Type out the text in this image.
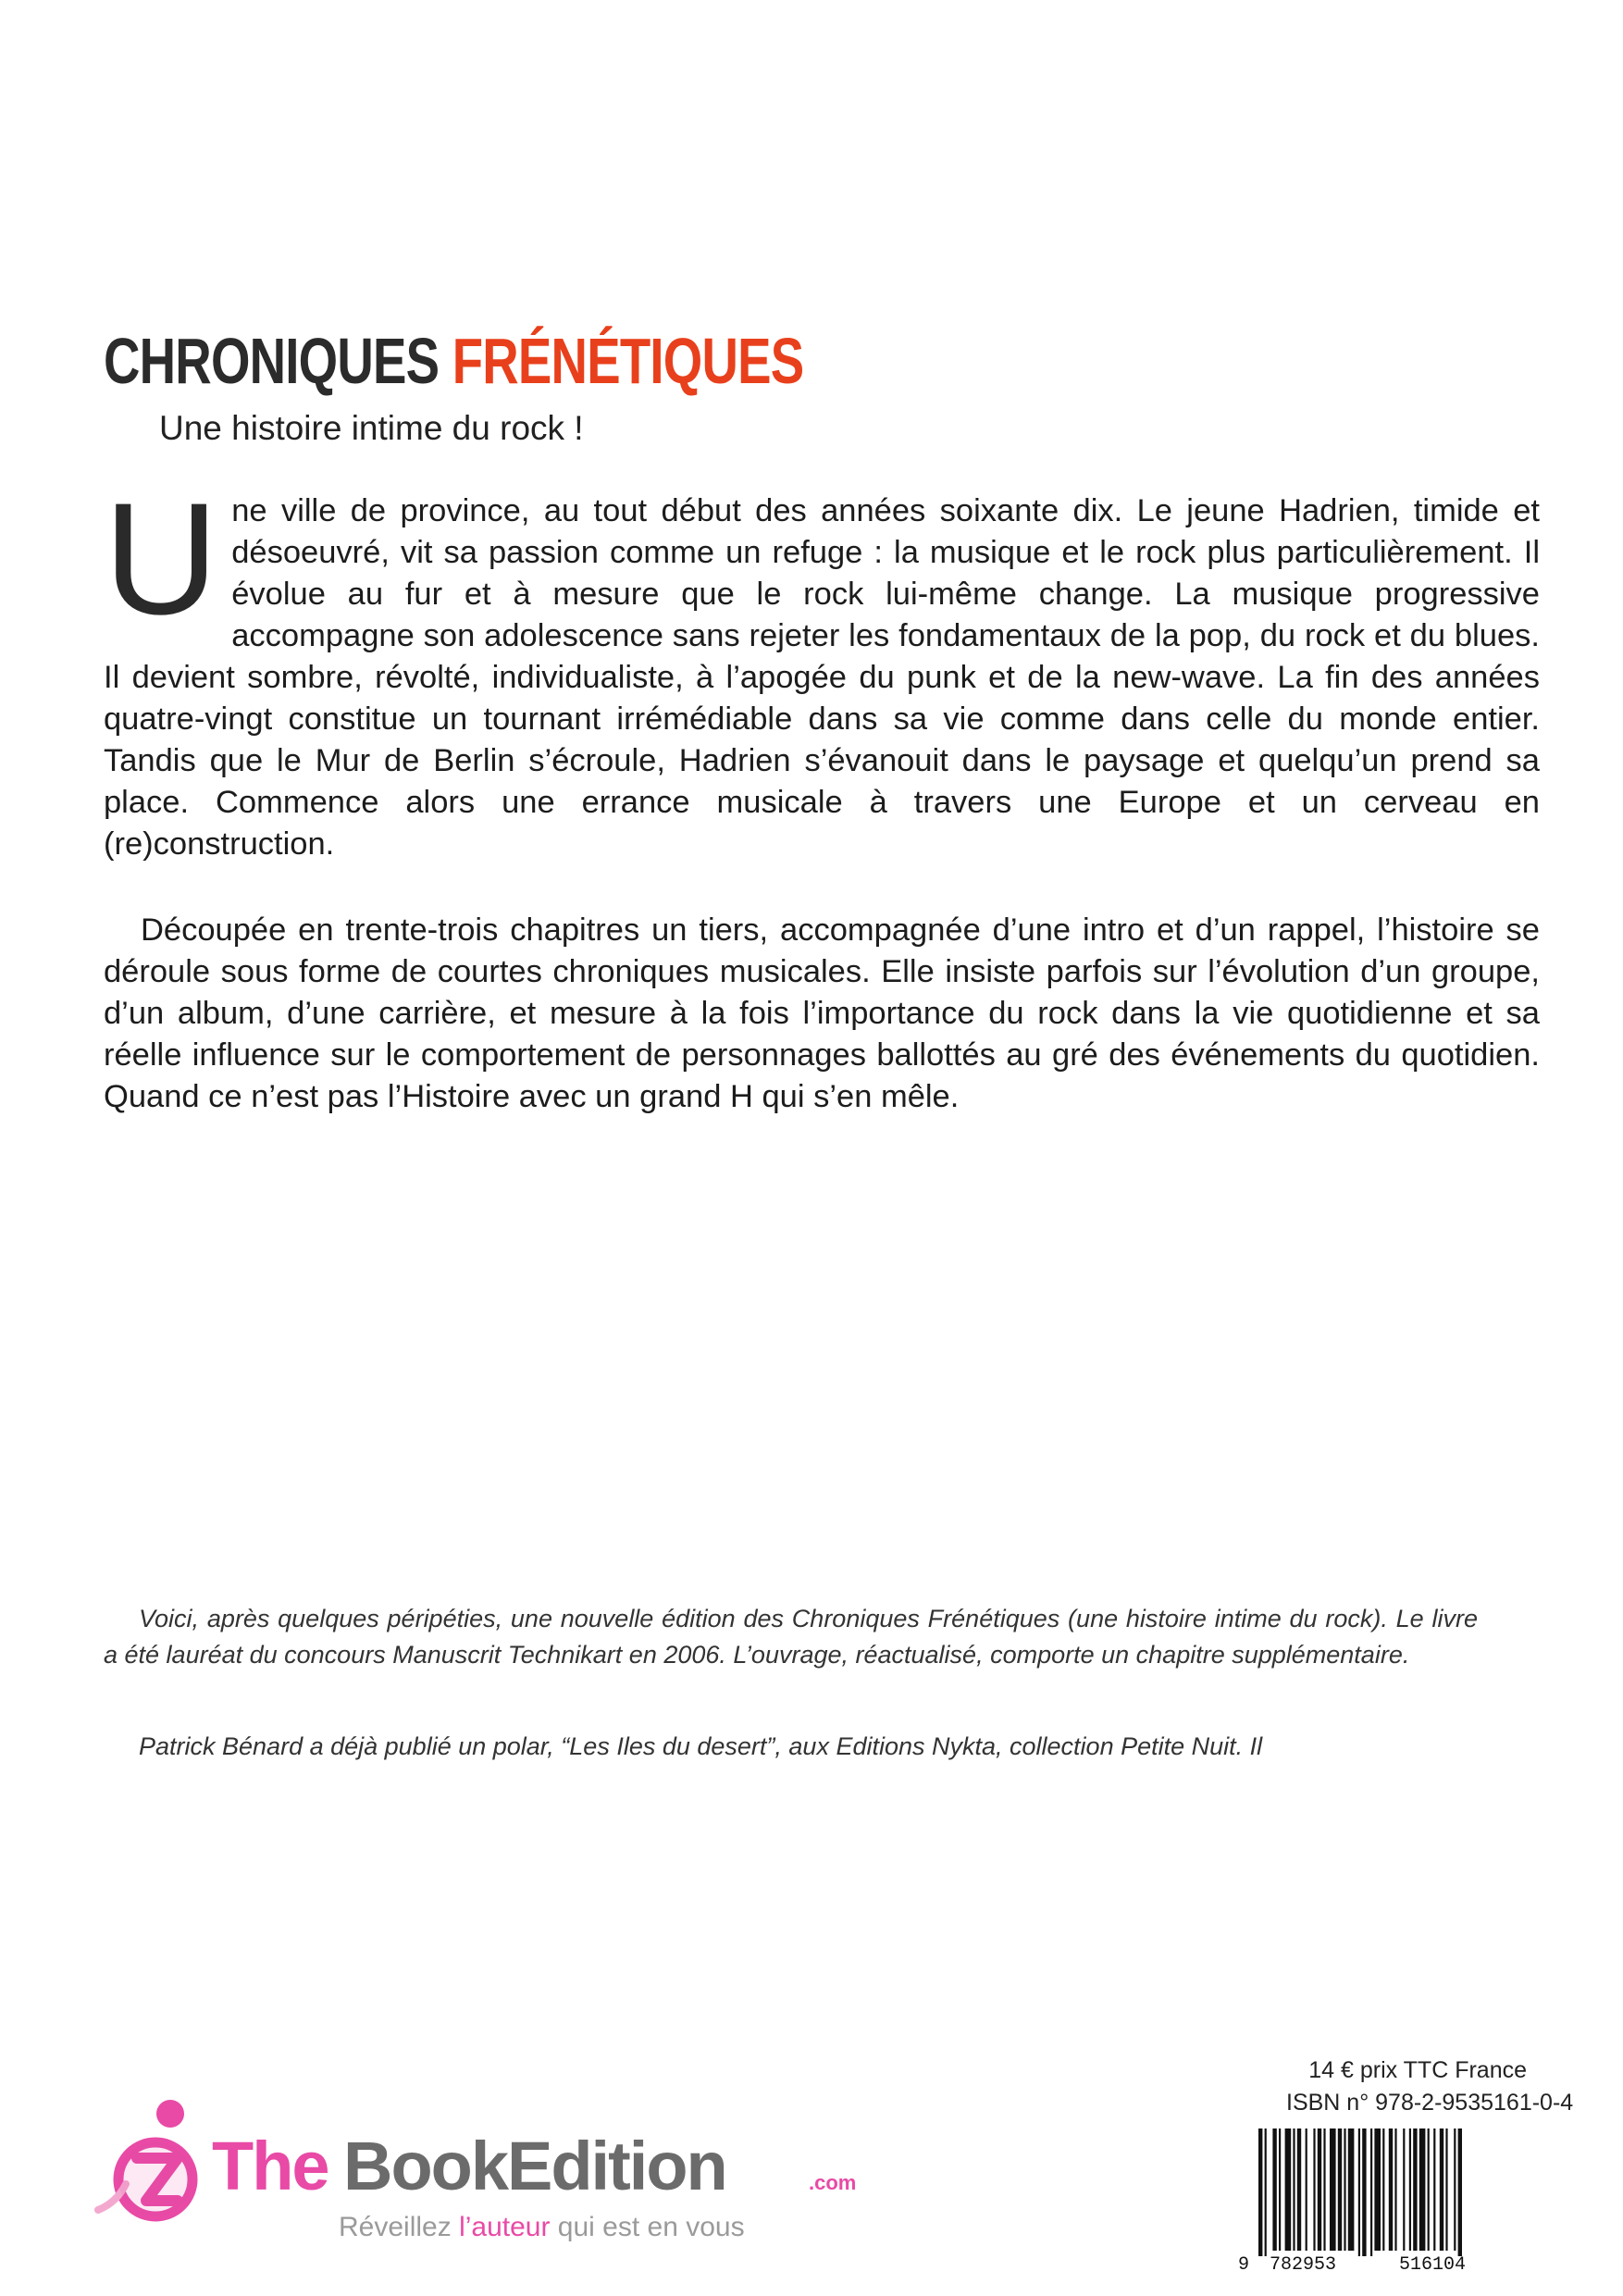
CHRONIQUES FRÉNÉTIQUES

Une histoire intime du rock !

Une ville de province, au tout début des années soixante dix. Le jeune Hadrien, timide et désoeuvré, vit sa passion comme un refuge : la musique et le rock plus particulièrement. Il évolue au fur et à mesure que le rock lui-même change. La musique progressive accompagne son adolescence sans rejeter les fondamentaux de la pop, du rock et du blues. Il devient sombre, révolté, individualiste, à l’apogée du punk et de la new-wave. La fin des années quatre-vingt constitue un tournant irrémédiable dans sa vie comme dans celle du monde entier. Tandis que le Mur de Berlin s’écroule, Hadrien s’évanouit dans le paysage et quelqu’un prend sa place. Commence alors une errance musicale à travers une Europe et un cerveau en (re)construction.

Découpée en trente-trois chapitres un tiers, accompagnée d’une intro et d’un rappel, l’histoire se déroule sous forme de courtes chroniques musicales. Elle insiste parfois sur l’évolution d’un groupe, d’un album, d’une carrière, et mesure à la fois l’importance du rock dans la vie quotidienne et sa réelle influence sur le comportement de personnages ballottés au gré des événements du quotidien. Quand ce n’est pas l’Histoire avec un grand H qui s’en mêle.

Voici, après quelques péripéties, une nouvelle édition des Chroniques Frénétiques (une histoire intime du rock). Le livre a été lauréat du concours Manuscrit Technikart en 2006. L’ouvrage, réactualisé, comporte un chapitre supplémentaire.

Patrick Bénard a déjà publié un polar, “Les Iles du desert”, aux Editions Nykta, collection Petite Nuit. Il

14 € prix TTC France
ISBN n° 978-2-9535161-0-4
The BookEdition	.com
Réveillez l’auteur qui est en vous
9 782953	516104
